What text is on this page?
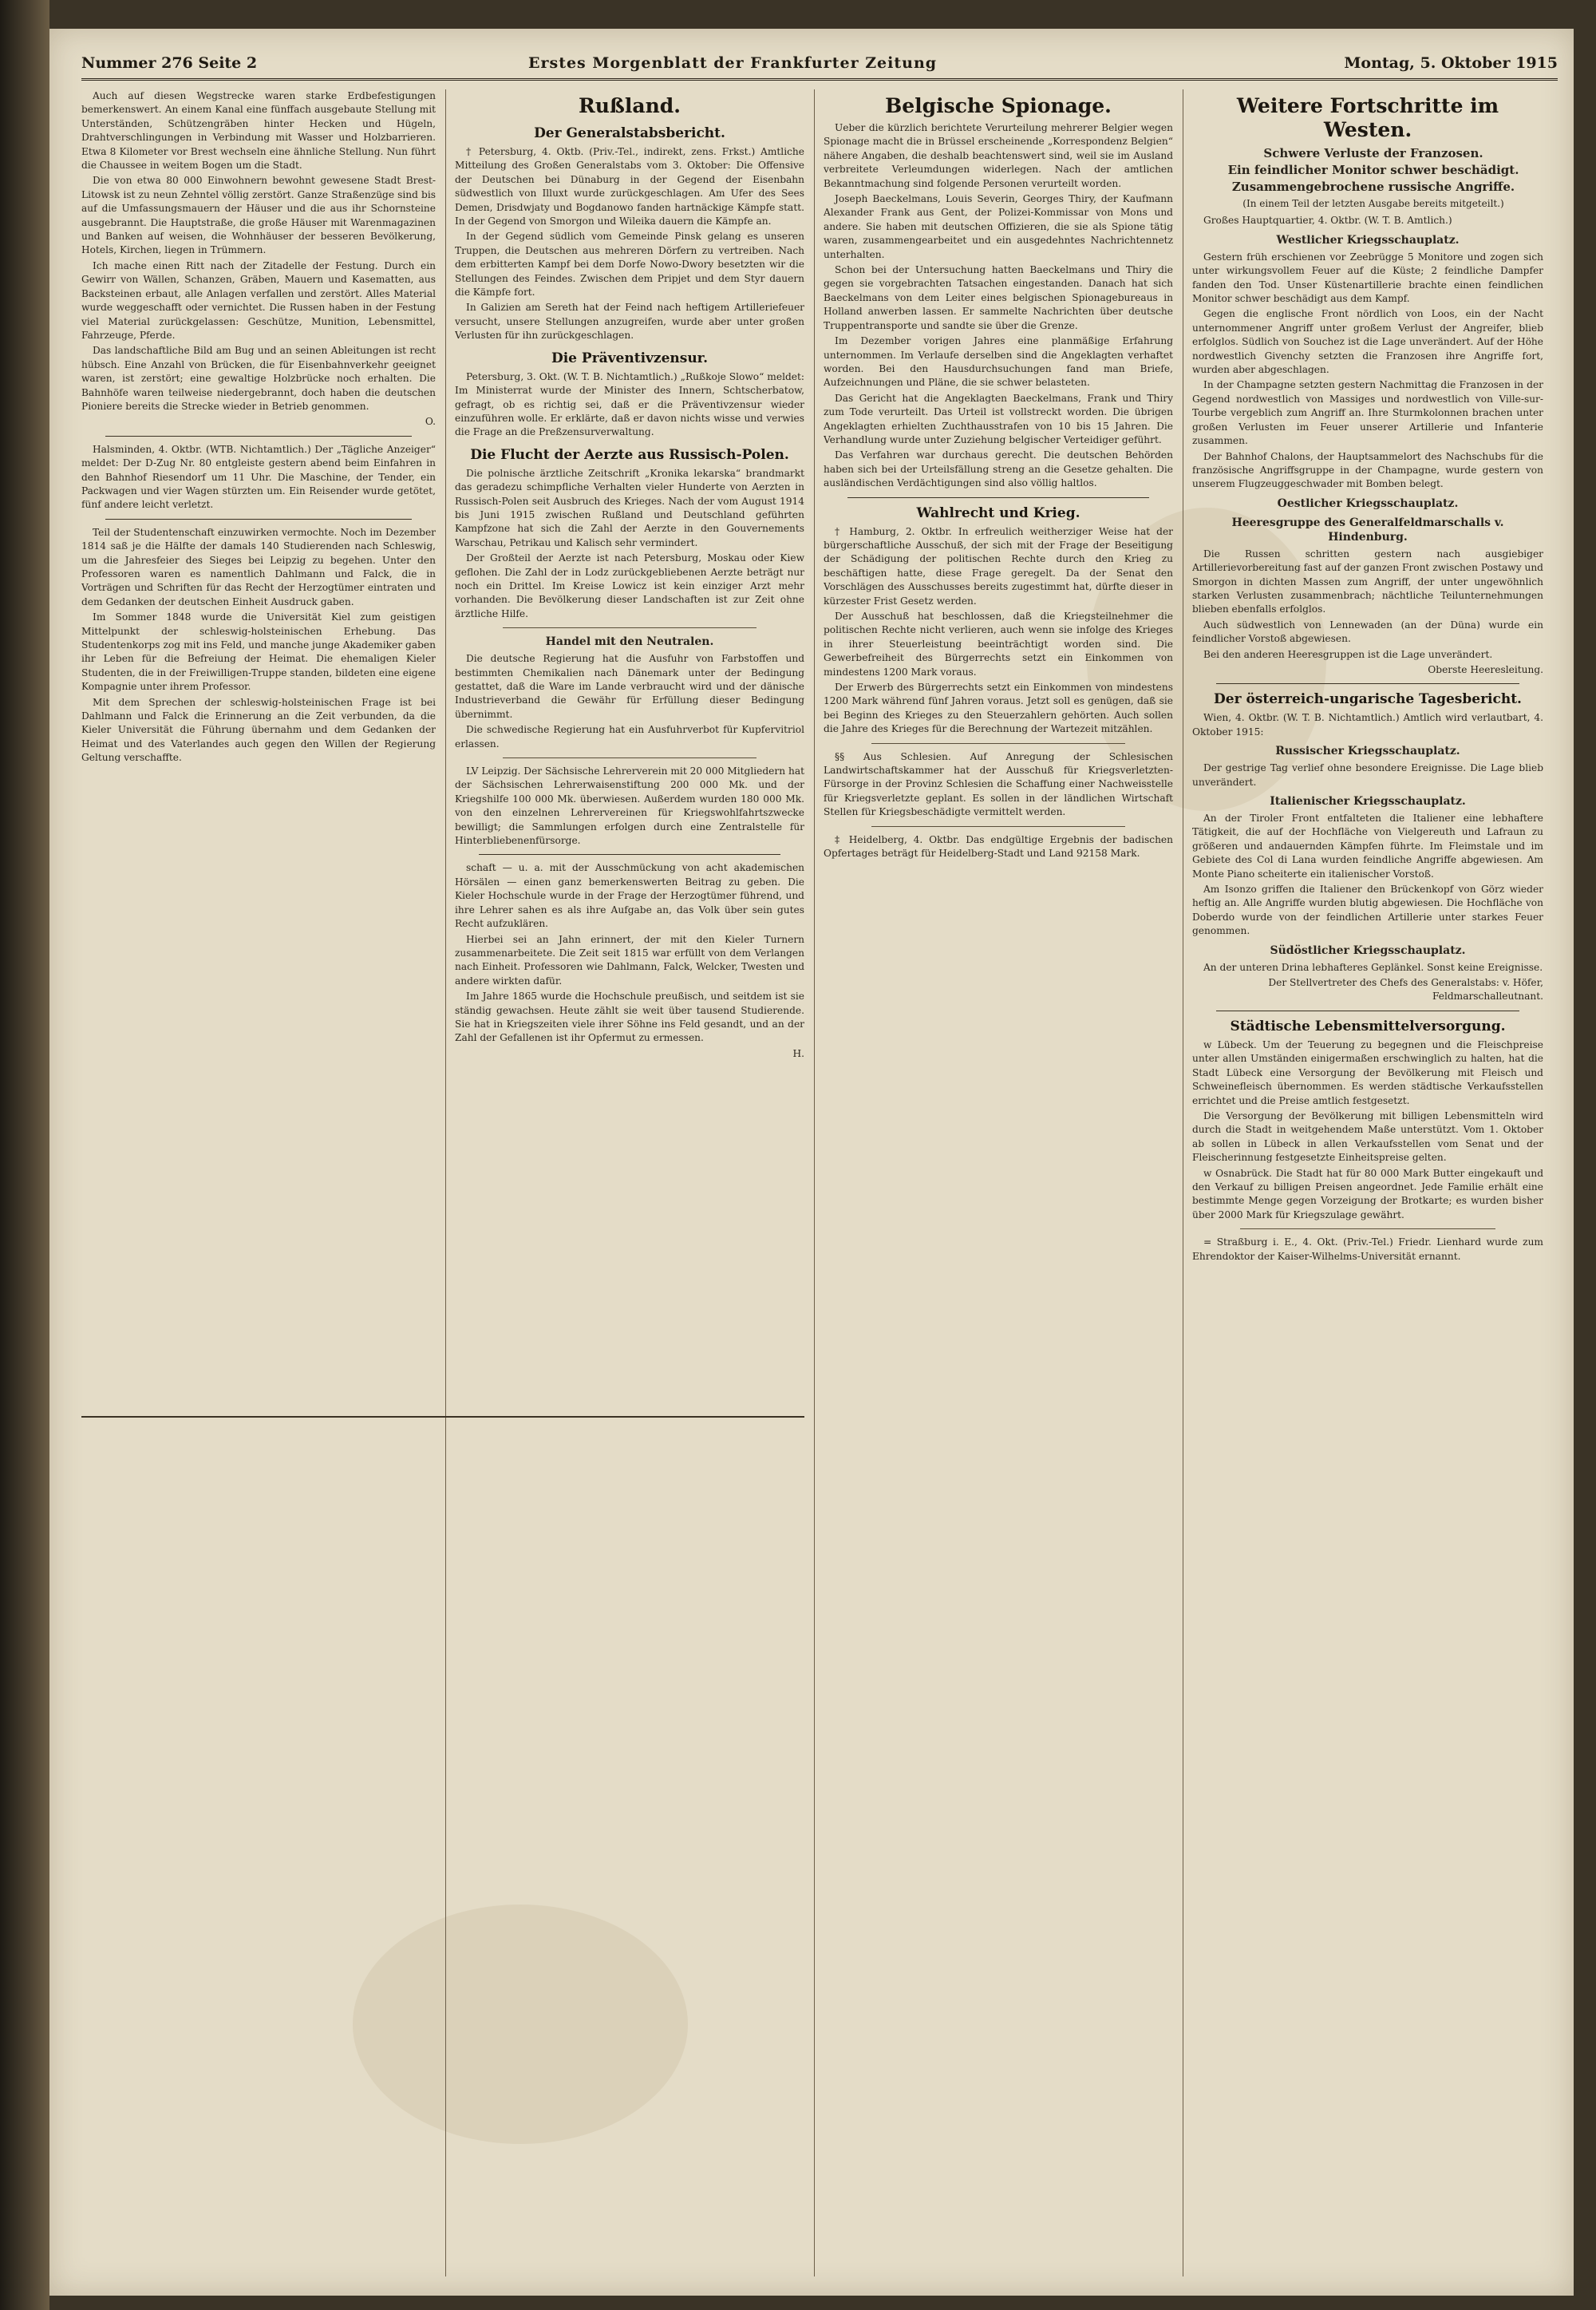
Nummer 276 Seite 2	Erstes Morgenblatt der Frankfurter Zeitung	Montag, 5. Oktober 1915

Auch auf diesen Wegstrecke waren starke Erdbefestigungen bemerkenswert. An einem Kanal eine fünffach ausgebaute Stellung mit Unterständen, Schützengräben hinter Hecken und Hügeln, Drahtverschlingungen in Verbindung mit Wasser und Holzbarrieren. Etwa 8 Kilometer vor Brest wechseln eine ähnliche Stellung. Nun führt die Chaussee in weitem Bogen um die Stadt.

Die von etwa 80 000 Einwohnern bewohnt gewesene Stadt Brest-Litowsk ist zu neun Zehntel völlig zerstört. Ganze Straßenzüge sind bis auf die Umfassungsmauern der Häuser und die aus ihr Schornsteine ausgebrannt. Die Hauptstraße, die große Häuser mit Warenmagazinen und Banken auf weisen, die Wohnhäuser der besseren Bevölkerung, Hotels, Kirchen, liegen in Trümmern.

Ich mache einen Ritt nach der Zitadelle der Festung. Durch ein Gewirr von Wällen, Schanzen, Gräben, Mauern und Kasematten, aus Backsteinen erbaut, alle Anlagen verfallen und zerstört. Alles Material wurde weggeschafft oder vernichtet. Die Russen haben in der Festung viel Material zurückgelassen: Geschütze, Munition, Lebensmittel, Fahrzeuge, Pferde.

Das landschaftliche Bild am Bug und an seinen Ableitungen ist recht hübsch. Eine Anzahl von Brücken, die für Eisenbahnverkehr geeignet waren, ist zerstört; eine gewaltige Holzbrücke noch erhalten. Die Bahnhöfe waren teilweise niedergebrannt, doch haben die deutschen Pioniere bereits die Strecke wieder in Betrieb genommen.

O.

Halsminden, 4. Oktbr. (WTB. Nichtamtlich.) Der „Tägliche Anzeiger“ meldet: Der D-Zug Nr. 80 entgleiste gestern abend beim Einfahren in den Bahnhof Riesendorf um 11 Uhr. Die Maschine, der Tender, ein Packwagen und vier Wagen stürzten um. Ein Reisender wurde getötet, fünf andere leicht verletzt.

Teil der Studentenschaft einzuwirken vermochte. Noch im Dezember 1814 saß je die Hälfte der damals 140 Studierenden nach Schleswig, um die Jahresfeier des Sieges bei Leipzig zu begehen. Unter den Professoren waren es namentlich Dahlmann und Falck, die in Vorträgen und Schriften für das Recht der Herzogtümer eintraten und dem Gedanken der deutschen Einheit Ausdruck gaben.

Im Sommer 1848 wurde die Universität Kiel zum geistigen Mittelpunkt der schleswig-holsteinischen Erhebung. Das Studentenkorps zog mit ins Feld, und manche junge Akademiker gaben ihr Leben für die Befreiung der Heimat. Die ehemaligen Kieler Studenten, die in der Freiwilligen-Truppe standen, bildeten eine eigene Kompagnie unter ihrem Professor.

Mit dem Sprechen der schleswig-holsteinischen Frage ist bei Dahlmann und Falck die Erinnerung an die Zeit verbunden, da die Kieler Universität die Führung übernahm und dem Gedanken der Heimat und des Vaterlandes auch gegen den Willen der Regierung Geltung verschaffte.

Rußland.
Der Generalstabsbericht.

† Petersburg, 4. Oktb. (Priv.-Tel., indirekt, zens. Frkst.) Amtliche Mitteilung des Großen Generalstabs vom 3. Oktober: Die Offensive der Deutschen bei Dünaburg in der Gegend der Eisenbahn südwestlich von Illuxt wurde zurückgeschlagen. Am Ufer des Sees Demen, Drisdwjaty und Bogdanowo fanden hartnäckige Kämpfe statt. In der Gegend von Smorgon und Wileika dauern die Kämpfe an.

In der Gegend südlich vom Gemeinde Pinsk gelang es unseren Truppen, die Deutschen aus mehreren Dörfern zu vertreiben. Nach dem erbitterten Kampf bei dem Dorfe Nowo-Dwory besetzten wir die Stellungen des Feindes. Zwischen dem Pripjet und dem Styr dauern die Kämpfe fort.

In Galizien am Sereth hat der Feind nach heftigem Artilleriefeuer versucht, unsere Stellungen anzugreifen, wurde aber unter großen Verlusten für ihn zurückgeschlagen.

Die Präventivzensur.

Petersburg, 3. Okt. (W. T. B. Nichtamtlich.) „Rußkoje Slowo“ meldet: Im Ministerrat wurde der Minister des Innern, Schtscherbatow, gefragt, ob es richtig sei, daß er die Präventivzensur wieder einzuführen wolle. Er erklärte, daß er davon nichts wisse und verwies die Frage an die Preßzensurverwaltung.

Die Flucht der Aerzte aus Russisch-Polen.

Die polnische ärztliche Zeitschrift „Kronika lekarska“ brandmarkt das geradezu schimpfliche Verhalten vieler Hunderte von Aerzten in Russisch-Polen seit Ausbruch des Krieges. Nach der vom August 1914 bis Juni 1915 zwischen Rußland und Deutschland geführten Kampfzone hat sich die Zahl der Aerzte in den Gouvernements Warschau, Petrikau und Kalisch sehr vermindert.

Der Großteil der Aerzte ist nach Petersburg, Moskau oder Kiew geflohen. Die Zahl der in Lodz zurückgebliebenen Aerzte beträgt nur noch ein Drittel. Im Kreise Lowicz ist kein einziger Arzt mehr vorhanden. Die Bevölkerung dieser Landschaften ist zur Zeit ohne ärztliche Hilfe.

Handel mit den Neutralen.

Die deutsche Regierung hat die Ausfuhr von Farbstoffen und bestimmten Chemikalien nach Dänemark unter der Bedingung gestattet, daß die Ware im Lande verbraucht wird und der dänische Industrieverband die Gewähr für Erfüllung dieser Bedingung übernimmt.

Die schwedische Regierung hat ein Ausfuhrverbot für Kupfervitriol erlassen.

LV Leipzig. Der Sächsische Lehrerverein mit 20 000 Mitgliedern hat der Sächsischen Lehrerwaisenstiftung 200 000 Mk. und der Kriegshilfe 100 000 Mk. überwiesen. Außerdem wurden 180 000 Mk. von den einzelnen Lehrervereinen für Kriegswohlfahrtszwecke bewilligt; die Sammlungen erfolgen durch eine Zentralstelle für Hinterbliebenenfürsorge.

schaft — u. a. mit der Ausschmückung von acht akademischen Hörsälen — einen ganz bemerkenswerten Beitrag zu geben. Die Kieler Hochschule wurde in der Frage der Herzogtümer führend, und ihre Lehrer sahen es als ihre Aufgabe an, das Volk über sein gutes Recht aufzuklären.

Hierbei sei an Jahn erinnert, der mit den Kieler Turnern zusammenarbeitete. Die Zeit seit 1815 war erfüllt von dem Verlangen nach Einheit. Professoren wie Dahlmann, Falck, Welcker, Twesten und andere wirkten dafür.

Im Jahre 1865 wurde die Hochschule preußisch, und seitdem ist sie ständig gewachsen. Heute zählt sie weit über tausend Studierende. Sie hat in Kriegszeiten viele ihrer Söhne ins Feld gesandt, und an der Zahl der Gefallenen ist ihr Opfermut zu ermessen.

H.

Belgische Spionage.

Ueber die kürzlich berichtete Verurteilung mehrerer Belgier wegen Spionage macht die in Brüssel erscheinende „Korrespondenz Belgien“ nähere Angaben, die deshalb beachtenswert sind, weil sie im Ausland verbreitete Verleumdungen widerlegen. Nach der amtlichen Bekanntmachung sind folgende Personen verurteilt worden.

Joseph Baeckelmans, Louis Severin, Georges Thiry, der Kaufmann Alexander Frank aus Gent, der Polizei-Kommissar von Mons und andere. Sie haben mit deutschen Offizieren, die sie als Spione tätig waren, zusammengearbeitet und ein ausgedehntes Nachrichtennetz unterhalten.

Schon bei der Untersuchung hatten Baeckelmans und Thiry die gegen sie vorgebrachten Tatsachen eingestanden. Danach hat sich Baeckelmans von dem Leiter eines belgischen Spionagebureaus in Holland anwerben lassen. Er sammelte Nachrichten über deutsche Truppentransporte und sandte sie über die Grenze.

Im Dezember vorigen Jahres eine planmäßige Erfahrung unternommen. Im Verlaufe derselben sind die Angeklagten verhaftet worden. Bei den Hausdurchsuchungen fand man Briefe, Aufzeichnungen und Pläne, die sie schwer belasteten.

Das Gericht hat die Angeklagten Baeckelmans, Frank und Thiry zum Tode verurteilt. Das Urteil ist vollstreckt worden. Die übrigen Angeklagten erhielten Zuchthausstrafen von 10 bis 15 Jahren. Die Verhandlung wurde unter Zuziehung belgischer Verteidiger geführt.

Das Verfahren war durchaus gerecht. Die deutschen Behörden haben sich bei der Urteilsfällung streng an die Gesetze gehalten. Die ausländischen Verdächtigungen sind also völlig haltlos.

Wahlrecht und Krieg.

† Hamburg, 2. Oktbr. In erfreulich weitherziger Weise hat der bürgerschaftliche Ausschuß, der sich mit der Frage der Beseitigung der Schädigung der politischen Rechte durch den Krieg zu beschäftigen hatte, diese Frage geregelt. Da der Senat den Vorschlägen des Ausschusses bereits zugestimmt hat, dürfte dieser in kürzester Frist Gesetz werden.

Der Ausschuß hat beschlossen, daß die Kriegsteilnehmer die politischen Rechte nicht verlieren, auch wenn sie infolge des Krieges in ihrer Steuerleistung beeinträchtigt worden sind. Die Gewerbefreiheit des Bürgerrechts setzt ein Einkommen von mindestens 1200 Mark voraus.

Der Erwerb des Bürgerrechts setzt ein Einkommen von mindestens 1200 Mark während fünf Jahren voraus. Jetzt soll es genügen, daß sie bei Beginn des Krieges zu den Steuerzahlern gehörten. Auch sollen die Jahre des Krieges für die Berechnung der Wartezeit mitzählen.

§§ Aus Schlesien. Auf Anregung der Schlesischen Landwirtschaftskammer hat der Ausschuß für Kriegsverletzten-Fürsorge in der Provinz Schlesien die Schaffung einer Nachweisstelle für Kriegsverletzte geplant. Es sollen in der ländlichen Wirtschaft Stellen für Kriegsbeschädigte vermittelt werden.

‡ Heidelberg, 4. Oktbr. Das endgültige Ergebnis der badischen Opfertages beträgt für Heidelberg-Stadt und Land 92158 Mark.

Weitere Fortschritte im Westen.

Schwere Verluste der Franzosen.

Ein feindlicher Monitor schwer beschädigt.

Zusammengebrochene russische Angriffe.

(In einem Teil der letzten Ausgabe bereits mitgeteilt.)

Großes Hauptquartier, 4. Oktbr. (W. T. B. Amtlich.)

Westlicher Kriegsschauplatz.

Gestern früh erschienen vor Zeebrügge 5 Monitore und zogen sich unter wirkungsvollem Feuer auf die Küste; 2 feindliche Dampfer fanden den Tod. Unser Küstenartillerie brachte einen feindlichen Monitor schwer beschädigt aus dem Kampf.

Gegen die englische Front nördlich von Loos, ein der Nacht unternommener Angriff unter großem Verlust der Angreifer, blieb erfolglos. Südlich von Souchez ist die Lage unverändert. Auf der Höhe nordwestlich Givenchy setzten die Franzosen ihre Angriffe fort, wurden aber abgeschlagen.

In der Champagne setzten gestern Nachmittag die Franzosen in der Gegend nordwestlich von Massiges und nordwestlich von Ville-sur-Tourbe vergeblich zum Angriff an. Ihre Sturmkolonnen brachen unter großen Verlusten im Feuer unserer Artillerie und Infanterie zusammen.

Der Bahnhof Chalons, der Hauptsammelort des Nachschubs für die französische Angriffsgruppe in der Champagne, wurde gestern von unserem Flugzeuggeschwader mit Bomben belegt.

Oestlicher Kriegsschauplatz.
Heeresgruppe des Generalfeldmarschalls v. Hindenburg.

Die Russen schritten gestern nach ausgiebiger Artillerievorbereitung fast auf der ganzen Front zwischen Postawy und Smorgon in dichten Massen zum Angriff, der unter ungewöhnlich starken Verlusten zusammenbrach; nächtliche Teilunternehmungen blieben ebenfalls erfolglos.

Auch südwestlich von Lennewaden (an der Düna) wurde ein feindlicher Vorstoß abgewiesen.

Bei den anderen Heeresgruppen ist die Lage unverändert.

Oberste Heeresleitung.

Der österreich-ungarische Tagesbericht.

Wien, 4. Oktbr. (W. T. B. Nichtamtlich.) Amtlich wird verlautbart, 4. Oktober 1915:

Russischer Kriegsschauplatz.

Der gestrige Tag verlief ohne besondere Ereignisse. Die Lage blieb unverändert.

Italienischer Kriegsschauplatz.

An der Tiroler Front entfalteten die Italiener eine lebhaftere Tätigkeit, die auf der Hochfläche von Vielgereuth und Lafraun zu größeren und andauernden Kämpfen führte. Im Fleimstale und im Gebiete des Col di Lana wurden feindliche Angriffe abgewiesen. Am Monte Piano scheiterte ein italienischer Vorstoß.

Am Isonzo griffen die Italiener den Brückenkopf von Görz wieder heftig an. Alle Angriffe wurden blutig abgewiesen. Die Hochfläche von Doberdo wurde von der feindlichen Artillerie unter starkes Feuer genommen.

Südöstlicher Kriegsschauplatz.

An der unteren Drina lebhafteres Geplänkel. Sonst keine Ereignisse.

Der Stellvertreter des Chefs des Generalstabs: v. Höfer, Feldmarschalleutnant.

Städtische Lebensmittelversorgung.

w Lübeck. Um der Teuerung zu begegnen und die Fleischpreise unter allen Umständen einigermaßen erschwinglich zu halten, hat die Stadt Lübeck eine Versorgung der Bevölkerung mit Fleisch und Schweinefleisch übernommen. Es werden städtische Verkaufsstellen errichtet und die Preise amtlich festgesetzt.

Die Versorgung der Bevölkerung mit billigen Lebensmitteln wird durch die Stadt in weitgehendem Maße unterstützt. Vom 1. Oktober ab sollen in Lübeck in allen Verkaufsstellen vom Senat und der Fleischerinnung festgesetzte Einheitspreise gelten.

w Osnabrück. Die Stadt hat für 80 000 Mark Butter eingekauft und den Verkauf zu billigen Preisen angeordnet. Jede Familie erhält eine bestimmte Menge gegen Vorzeigung der Brotkarte; es wurden bisher über 2000 Mark für Kriegszulage gewährt.

= Straßburg i. E., 4. Okt. (Priv.-Tel.) Friedr. Lienhard wurde zum Ehrendoktor der Kaiser-Wilhelms-Universität ernannt.
